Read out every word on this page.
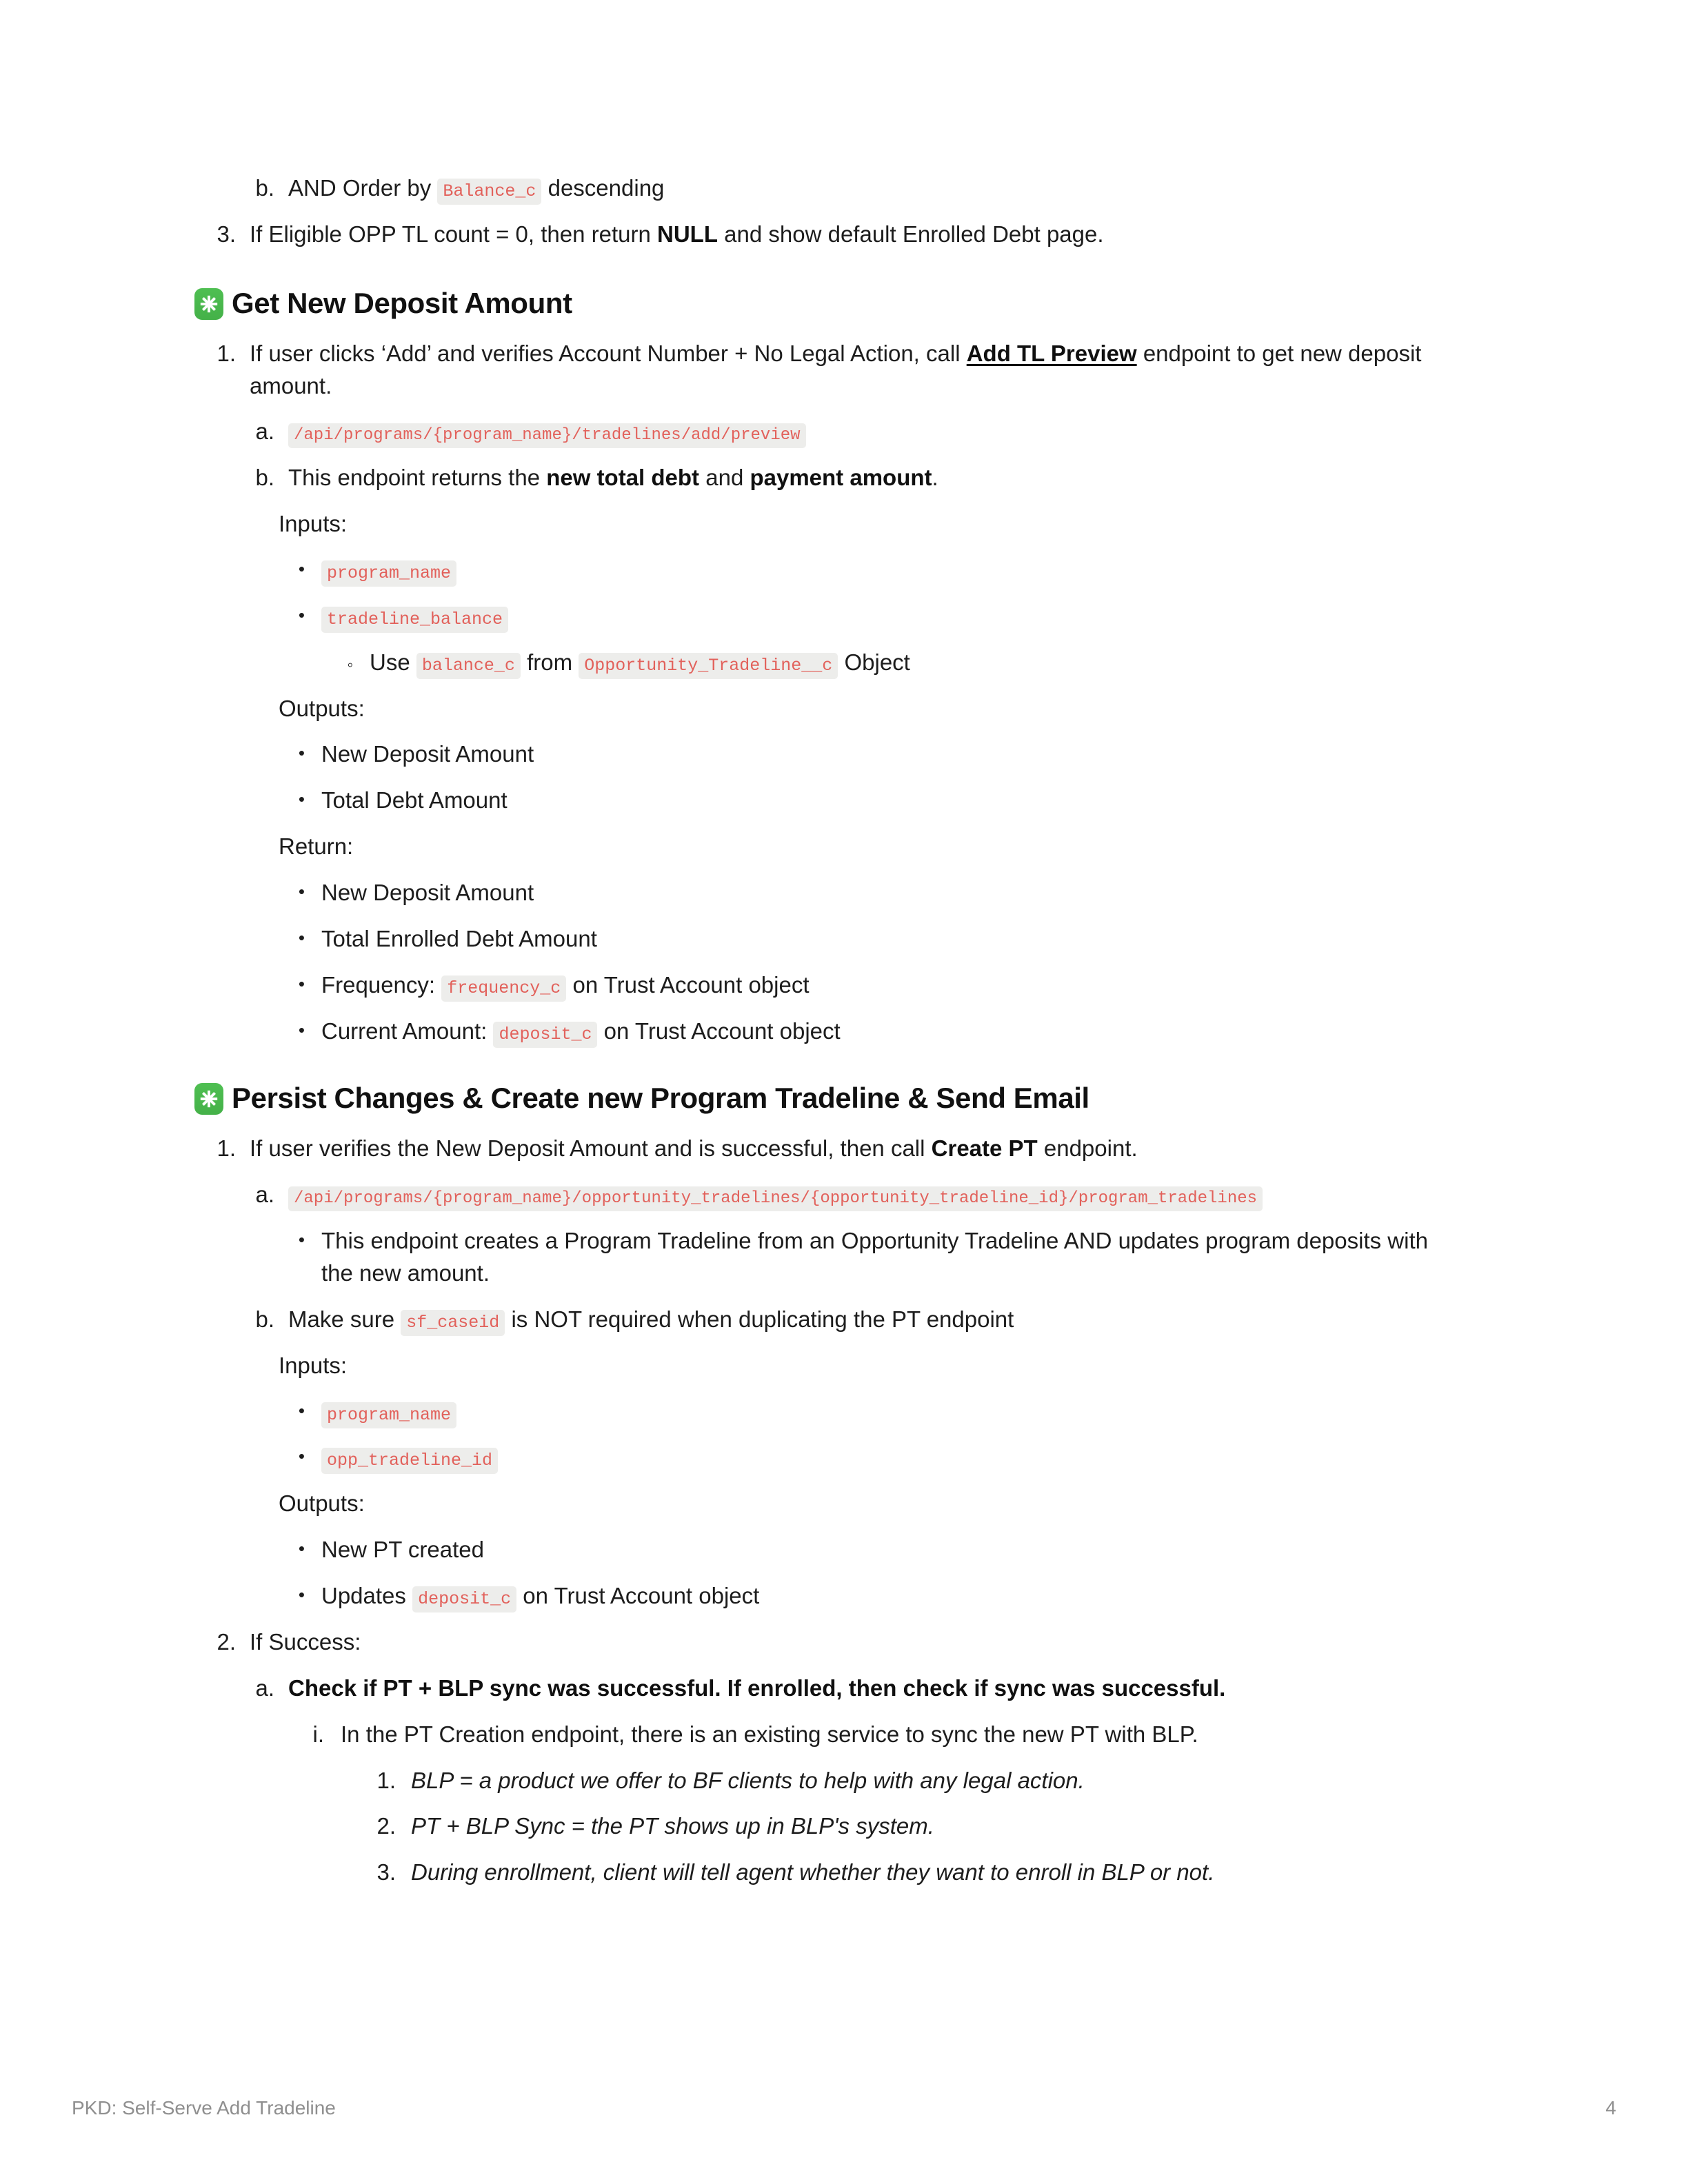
b. AND Order by Balance_c descending
3. If Eligible OPP TL count = 0, then return NULL and show default Enrolled Debt page.
Get New Deposit Amount
1. If user clicks ‘Add’ and verifies Account Number + No Legal Action, call Add TL Preview endpoint to get new deposit amount.
a.	/api/programs/{program_name}/tradelines/add/preview
b. This endpoint returns the new total debt and payment amount.
Inputs:
•	program_name
•	tradeline_balance
◦ Use balance_c from Opportunity_Tradeline__c Object
Outputs:
• New Deposit Amount
• Total Debt Amount
Return:
• New Deposit Amount
• Total Enrolled Debt Amount
• Frequency: frequency_c on Trust Account object
• Current Amount: deposit_c on Trust Account object
Persist Changes & Create new Program Tradeline & Send Email
1. If user verifies the New Deposit Amount and is successful, then call Create PT endpoint.
a.	/api/programs/{program_name}/opportunity_tradelines/{opportunity_tradeline_id}/program_tradelines
• This endpoint creates a Program Tradeline from an Opportunity Tradeline AND updates program deposits with the new amount.
b. Make sure sf_caseid is NOT required when duplicating the PT endpoint
Inputs:
•	program_name
•	opp_tradeline_id
Outputs:
• New PT created
• Updates deposit_c on Trust Account object
2. If Success:
a. Check if PT + BLP sync was successful. If enrolled, then check if sync was successful.
i. In the PT Creation endpoint, there is an existing service to sync the new PT with BLP.
1. BLP = a product we offer to BF clients to help with any legal action.
2. PT + BLP Sync = the PT shows up in BLP's system.
3. During enrollment, client will tell agent whether they want to enroll in BLP or not.
PKD: Self-Serve Add Tradeline	4
